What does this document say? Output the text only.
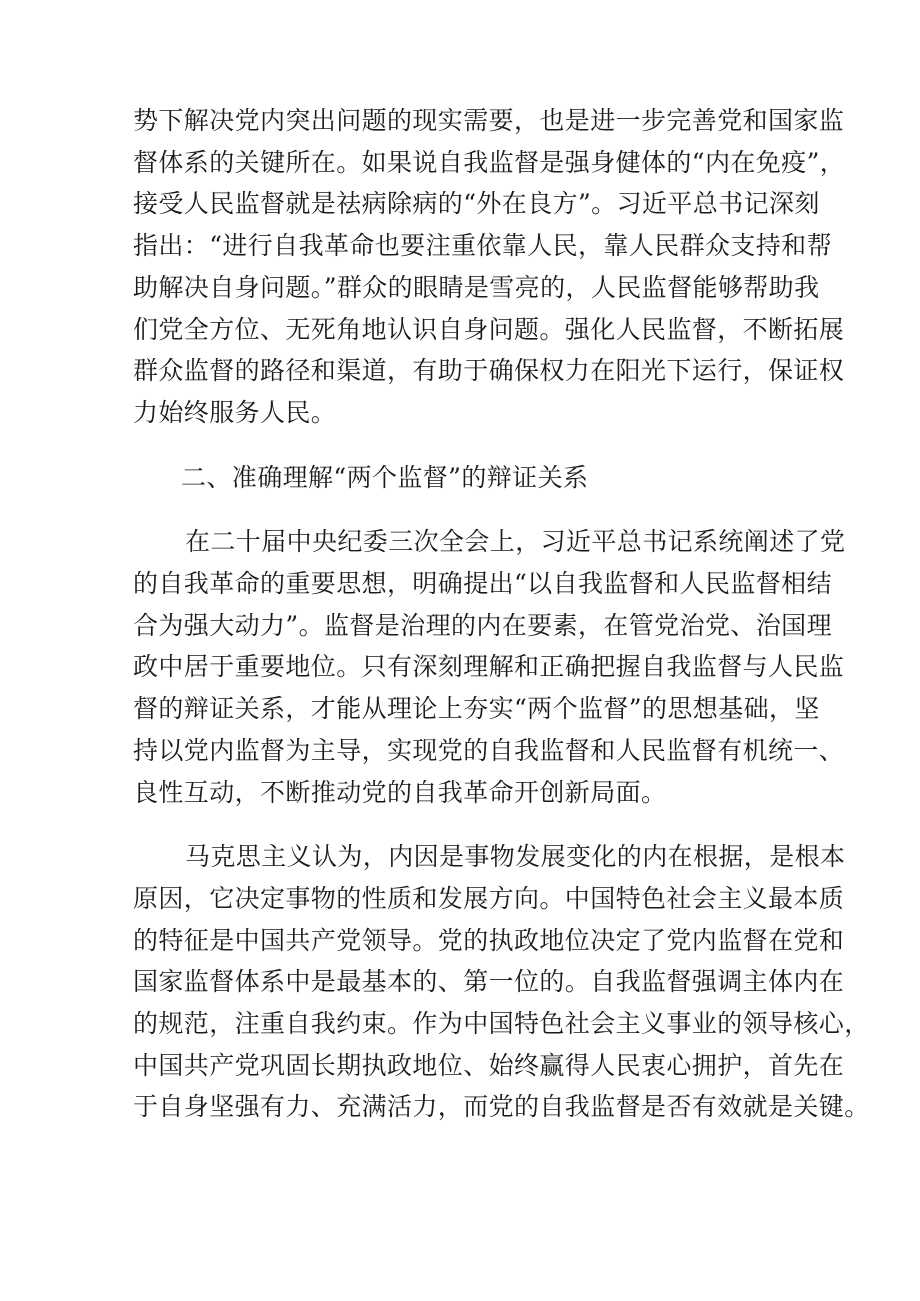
势下解决党内突出问题的现实需要，也是进一步完善党和国家监
督体系的关键所在。如果说自我监督是强身健体的“内在免疫”，
接受人民监督就是祛病除病的“外在良方”。习近平总书记深刻
指出：“进行自我革命也要注重依靠人民，靠人民群众支持和帮
助解决自身问题。”群众的眼睛是雪亮的，人民监督能够帮助我
们党全方位、无死角地认识自身问题。强化人民监督，不断拓展
群众监督的路径和渠道，有助于确保权力在阳光下运行，保证权
力始终服务人民。
二、准确理解“两个监督”的辩证关系
在二十届中央纪委三次全会上，习近平总书记系统阐述了党
的自我革命的重要思想，明确提出“以自我监督和人民监督相结
合为强大动力”。监督是治理的内在要素，在管党治党、治国理
政中居于重要地位。只有深刻理解和正确把握自我监督与人民监
督的辩证关系，才能从理论上夯实“两个监督”的思想基础，坚
持以党内监督为主导，实现党的自我监督和人民监督有机统一、
良性互动，不断推动党的自我革命开创新局面。
马克思主义认为，内因是事物发展变化的内在根据，是根本
原因，它决定事物的性质和发展方向。中国特色社会主义最本质
的特征是中国共产党领导。党的执政地位决定了党内监督在党和
国家监督体系中是最基本的、第一位的。自我监督强调主体内在
的规范，注重自我约束。作为中国特色社会主义事业的领导核心，
中国共产党巩固长期执政地位、始终赢得人民衷心拥护，首先在
于自身坚强有力、充满活力，而党的自我监督是否有效就是关键。
